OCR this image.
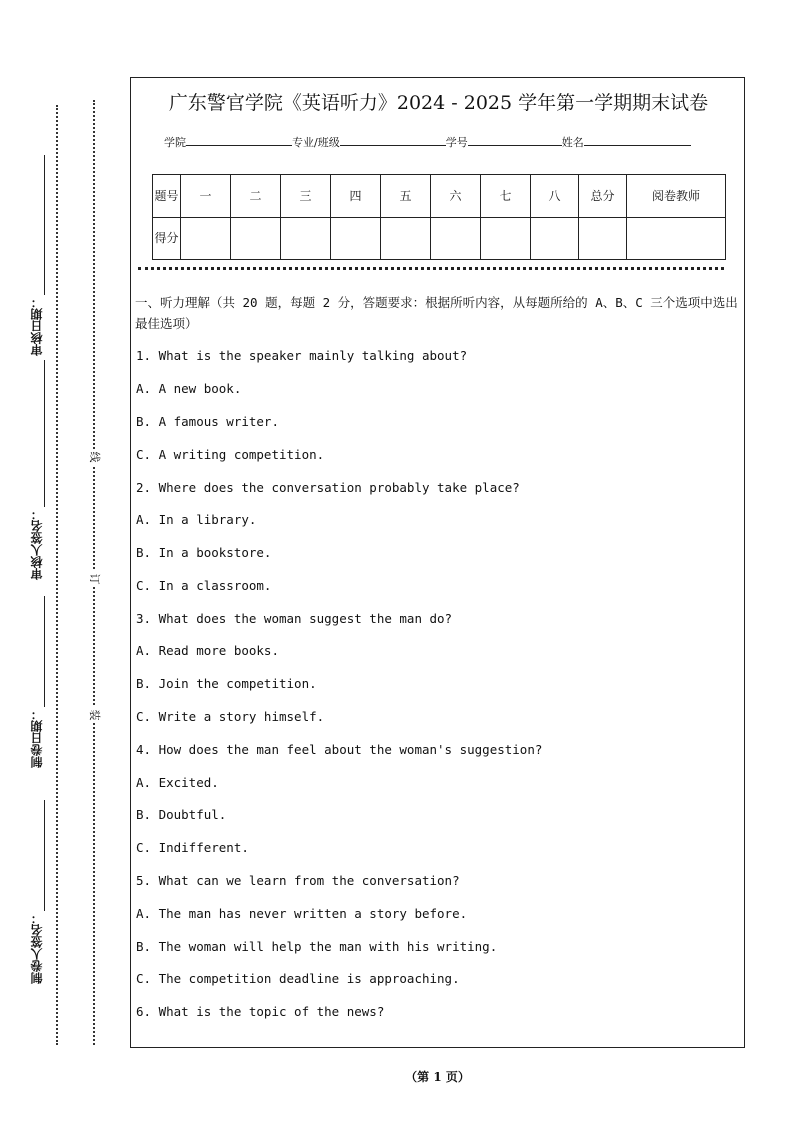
审核日期：
审核人签名：
制卷日期：
制卷人签名：
线
订
装
广东警官学院《英语听力》2024 - 2025 学年第一学期期末试卷
学院	专业/班级	学号	姓名
题号	一	二	三	四	五	六	七	八	总分	阅卷教师
得分										
一、听力理解（共 20 题，每题 2 分，答题要求：根据所听内容，从每题所给的 A、B、C 三个选项中选出最佳选项）
1. What is the speaker mainly talking about?
A. A new book.
B. A famous writer.
C. A writing competition.
2. Where does the conversation probably take place?
A. In a library.
B. In a bookstore.
C. In a classroom.
3. What does the woman suggest the man do?
A. Read more books.
B. Join the competition.
C. Write a story himself.
4. How does the man feel about the woman's suggestion?
A. Excited.
B. Doubtful.
C. Indifferent.
5. What can we learn from the conversation?
A. The man has never written a story before.
B. The woman will help the man with his writing.
C. The competition deadline is approaching.
6. What is the topic of the news?
（第 1 页）
